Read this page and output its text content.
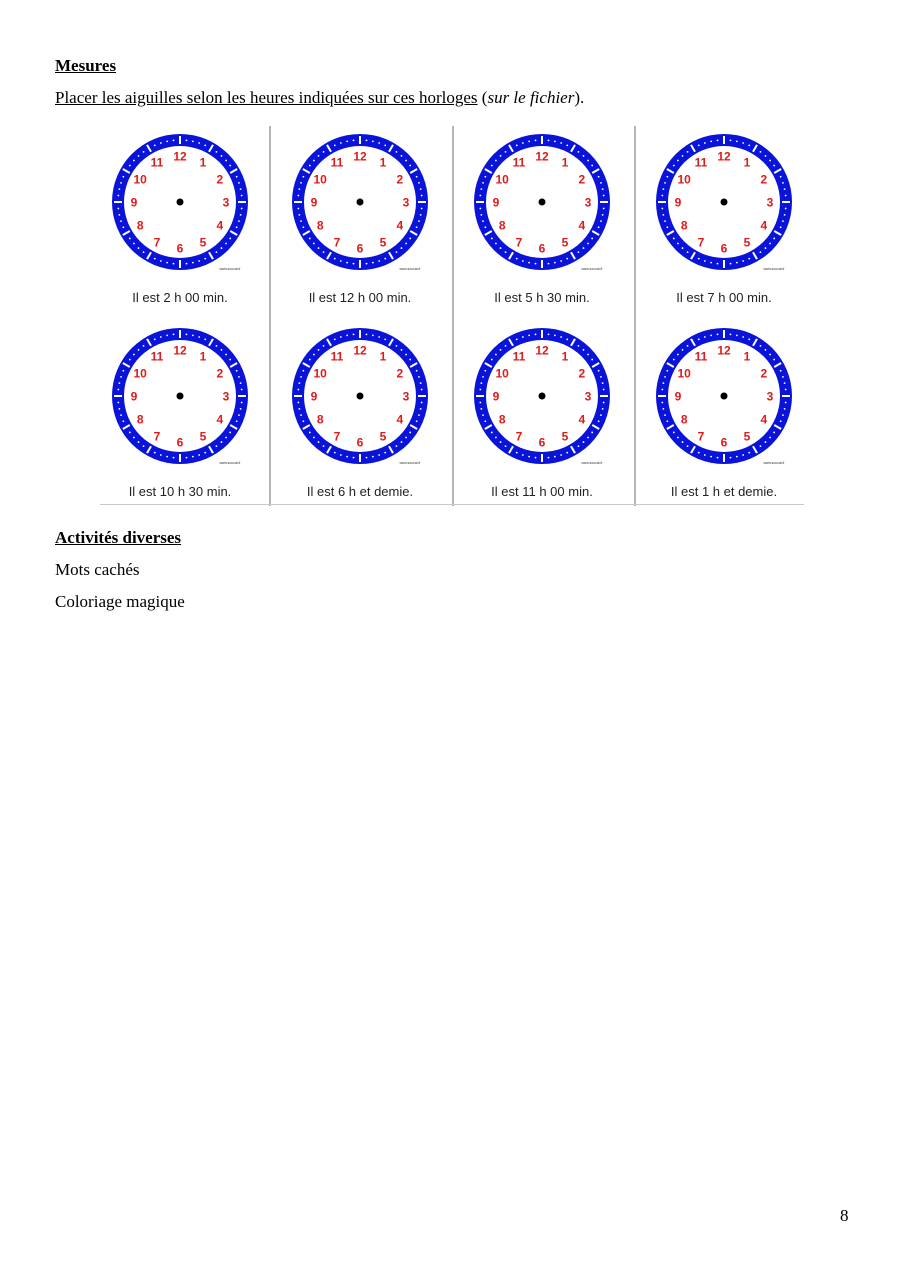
Mesures
Placer les aiguilles selon les heures indiquées sur ces horloges (sur le fichier).
12 1
2
3
4
5
6
7
8
9
10
11
www.soucat.fr
Il est 2 h 00 min.
12 1
2
3
4
5
6
7
8
9
10
11
www.soucat.fr
Il est 12 h 00 min.
12 1
2
3
4
5
6
7
8
9
10
11
www.soucat.fr
Il est 5 h 30 min.
12 1
2
3
4
5
6
7
8
9
10
11
www.soucat.fr
Il est 7 h 00 min.
12 1
2
3
4
5
6
7
8
9
10
11
www.soucat.fr
Il est 10 h 30 min.
12 1
2
3
4
5
6
7
8
9
10
11
www.soucat.fr
Il est 6 h et demie.
12 1
2
3
4
5
6
7
8
9
10
11
www.soucat.fr
Il est 11 h 00 min.
12 1
2
3
4
5
6
7
8
9
10
11
www.soucat.fr
Il est 1 h et demie.
Activités diverses
Mots cachés
Coloriage magique
8
